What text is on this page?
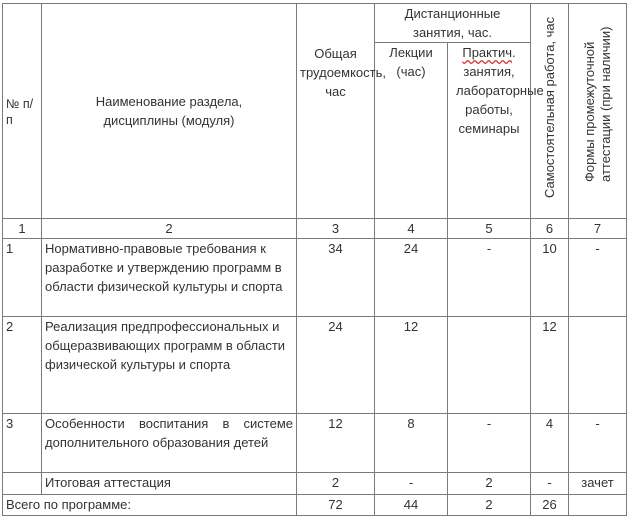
№ п/п	Наименование раздела, дисциплины (модуля)	Общая трудоемкость, час	Дистанционные занятия, час.		Самостоятельная работа, час	Формы промежуточной аттестации (при наличии)

			Лекции (час)	Практич. занятия, лабораторные работы, семинары		
1	2	3	4	5	6	7
1	Нормативно-правовые требования к разработке и утверждению программ в области физической культуры и спорта	34	24	-	10	-
2	Реализация предпрофессиональных и общеразвивающих программ в области физической культуры и спорта	24	12		12	
3	Особенности воспитания в системе дополнительного образования детей	12	8	-	4	-
	Итоговая аттестация	2	-	2	-	зачет
Всего по программе:		72	44	2	26	
